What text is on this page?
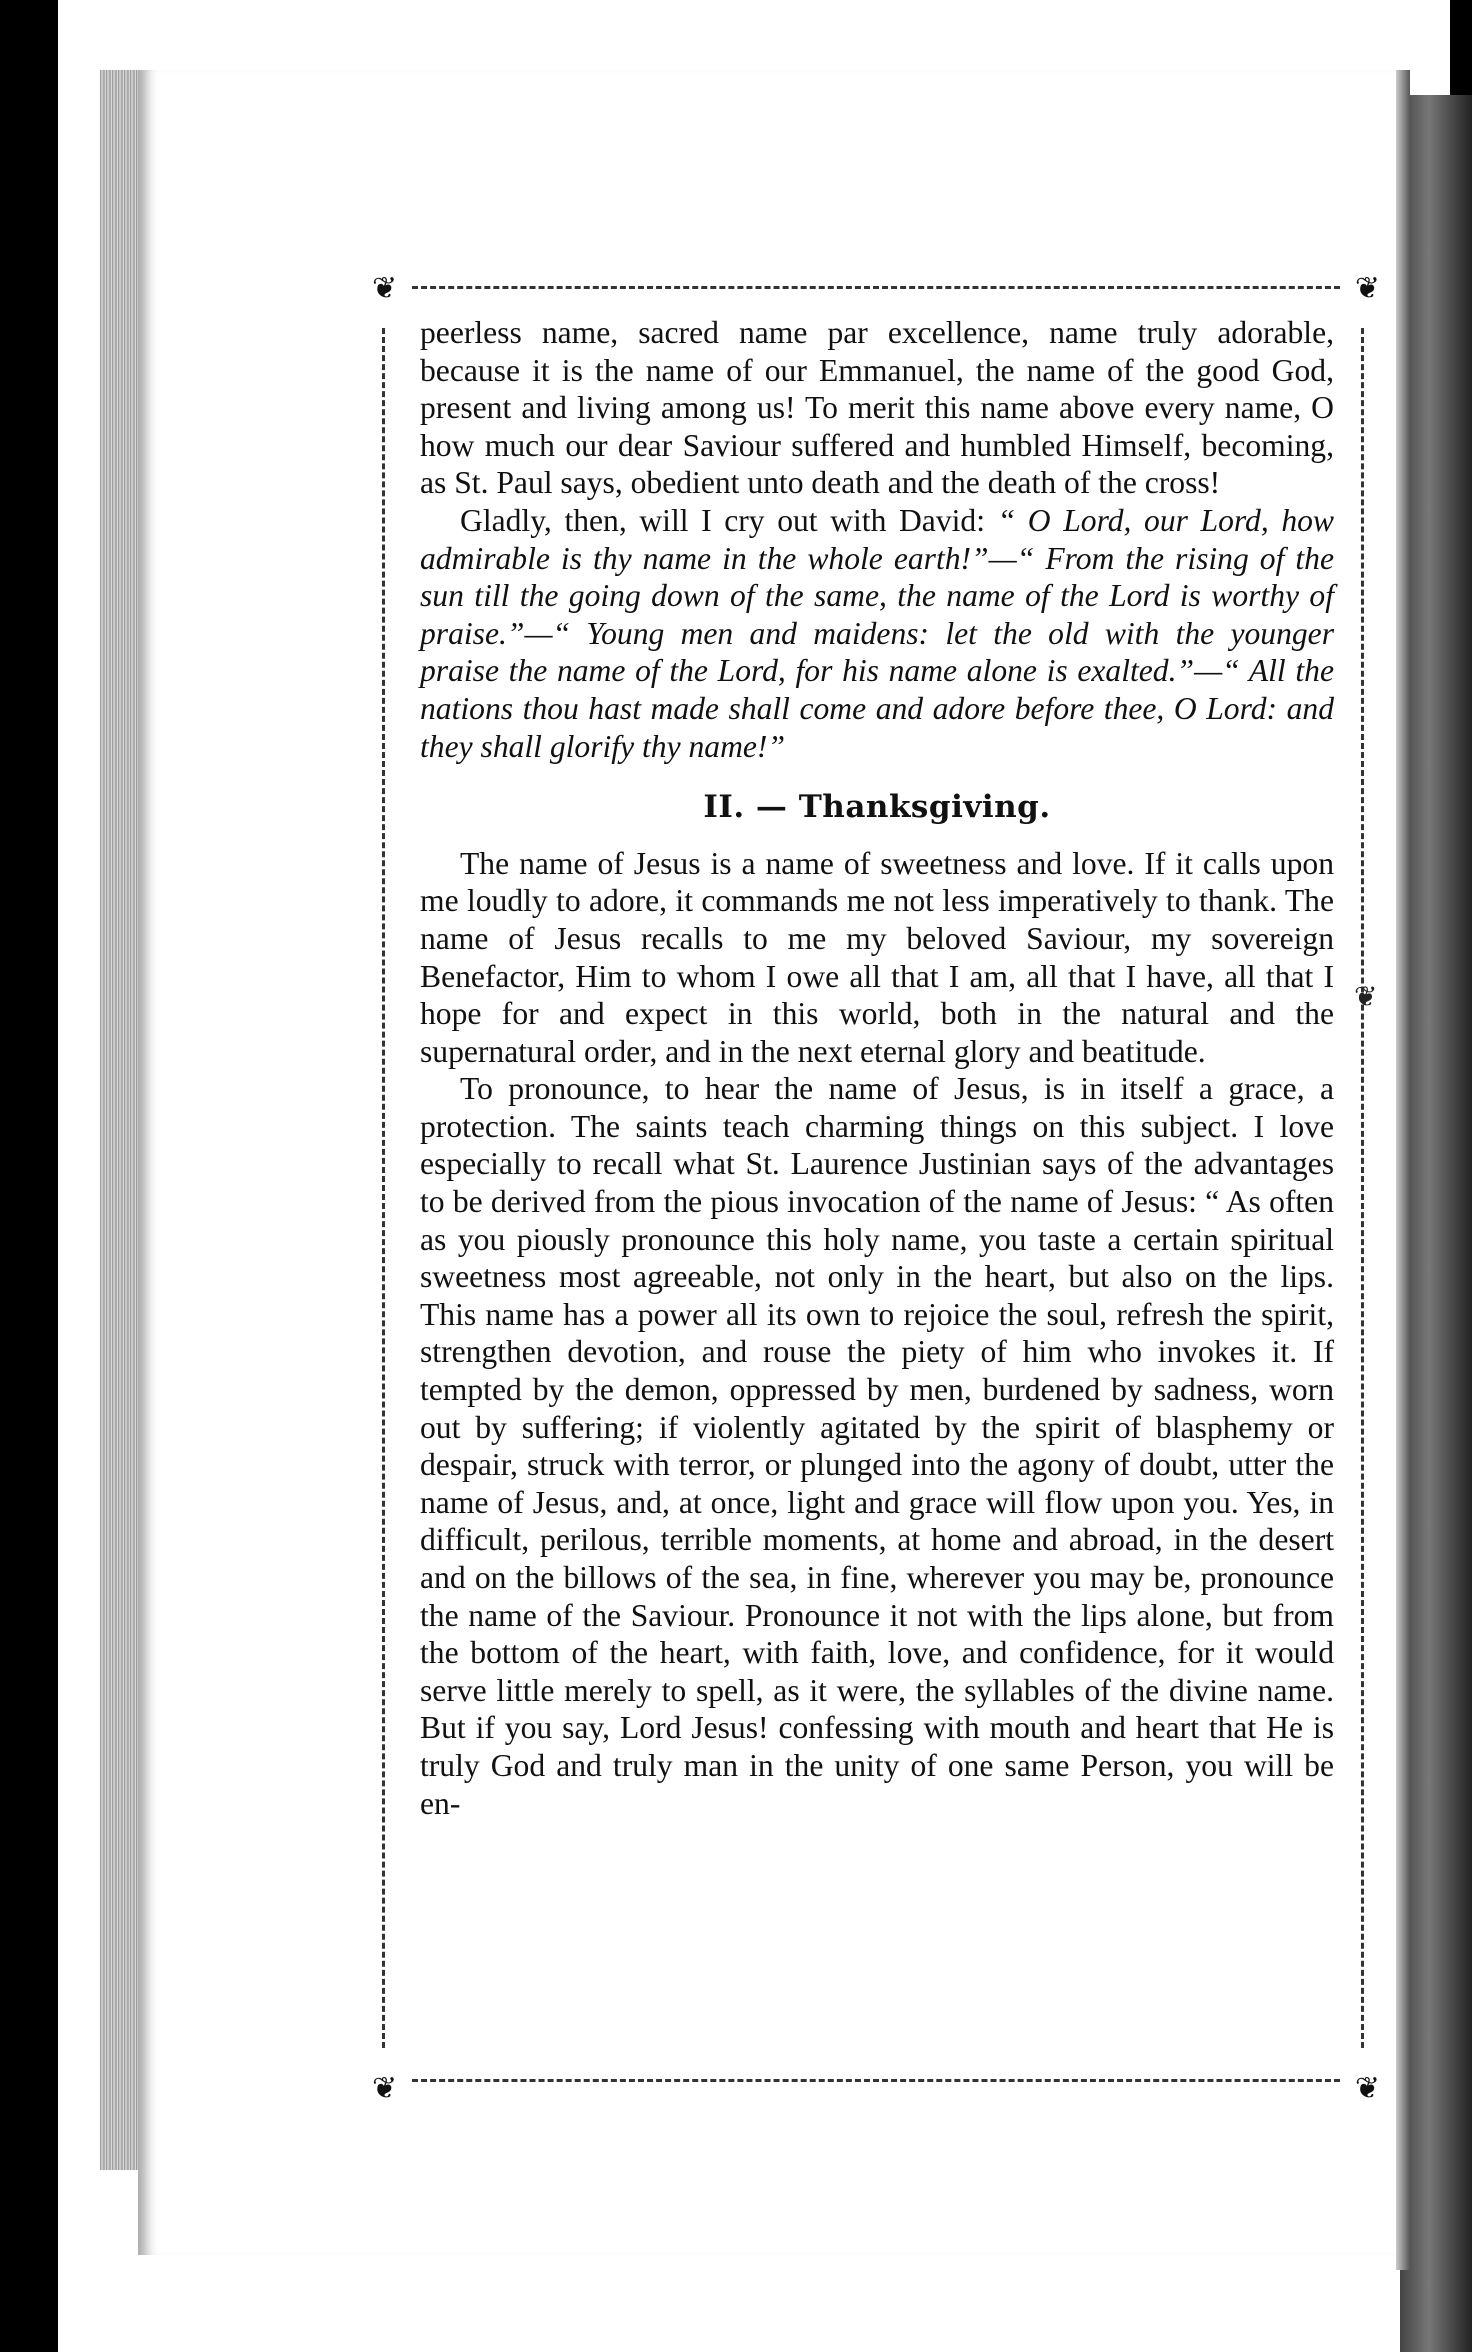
❦	❦
❦	❦

peerless name, sacred name par excellence, name truly adorable, because it is the name of our Emmanuel, the name of the good God, present and living among us! To merit this name above every name, O how much our dear Saviour suffered and humbled Himself, becoming, as St. Paul says, obedient unto death and the death of the cross!

Gladly, then, will I cry out with David: “ O Lord, our Lord, how admirable is thy name in the whole earth!”—“ From the rising of the sun till the going down of the same, the name of the Lord is worthy of praise.”—“ Young men and maidens: let the old with the younger praise the name of the Lord, for his name alone is exalted.”—“ All the nations thou hast made shall come and adore before thee, O Lord: and they shall glorify thy name!”

II. — Thanksgiving.

The name of Jesus is a name of sweetness and love. If it calls upon me loudly to adore, it commands me not less imperatively to thank. The name of Jesus recalls to me my beloved Saviour, my sovereign Benefactor, Him to whom I owe all that I am, all that I have, all that I hope for and expect in this world, both in the natural and the supernatural order, and in the next eternal glory and beatitude.

To pronounce, to hear the name of Jesus, is in itself a grace, a protection. The saints teach charming things on this subject. I love especially to recall what St. Laurence Justinian says of the advantages to be derived from the pious invocation of the name of Jesus: “ As often as you piously pronounce this holy name, you taste a certain spiritual sweetness most agreeable, not only in the heart, but also on the lips. This name has a power all its own to rejoice the soul, refresh the spirit, strengthen devotion, and rouse the piety of him who invokes it. If tempted by the demon, oppressed by men, burdened by sadness, worn out by suffering; if violently agitated by the spirit of blasphemy or despair, struck with terror, or plunged into the agony of doubt, utter the name of Jesus, and, at once, light and grace will flow upon you. Yes, in difficult, perilous, terrible moments, at home and abroad, in the desert and on the billows of the sea, in fine, wherever you may be, pronounce the name of the Saviour. Pronounce it not with the lips alone, but from the bottom of the heart, with faith, love, and confidence, for it would serve little merely to spell, as it were, the syllables of the divine name. But if you say, Lord Jesus! confessing with mouth and heart that He is truly God and truly man in the unity of one same Person, you will be en-

❦
